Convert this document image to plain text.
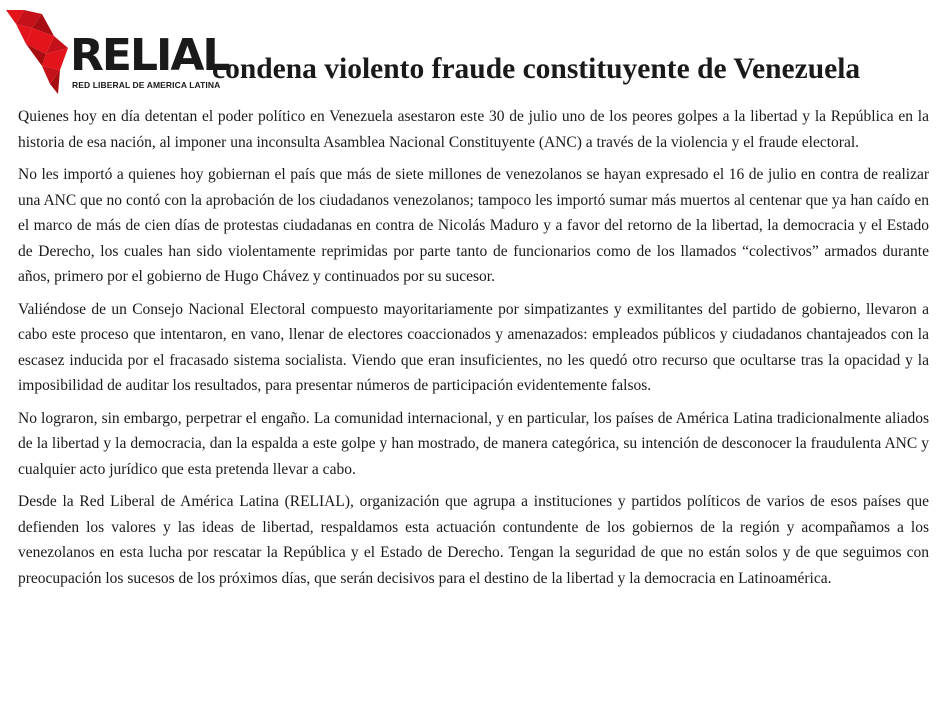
RELIAL
RED LIBERAL DE AMERICA LATINA
condena violento fraude constituyente de Venezuela

Quienes hoy en día detentan el poder político en Venezuela asestaron este 30 de julio uno de los peores golpes a la libertad y la República en la historia de esa nación, al imponer una inconsulta Asamblea Nacional Constituyente (ANC) a través de la violencia y el fraude electoral.

No les importó a quienes hoy gobiernan el país que más de siete millones de venezolanos se hayan expresado el 16 de julio en contra de realizar una ANC que no contó con la aprobación de los ciudadanos venezolanos; tampoco les importó sumar más muertos al centenar que ya han caído en el marco de más de cien días de protestas ciudadanas en contra de Nicolás Maduro y a favor del retorno de la libertad, la democracia y el Estado de Derecho, los cuales han sido violentamente reprimidas por parte tanto de funcionarios como de los llamados “colectivos” armados durante años, primero por el gobierno de Hugo Chávez y continuados por su sucesor.

Valiéndose de un Consejo Nacional Electoral compuesto mayoritariamente por simpatizantes y exmilitantes del partido de gobierno, llevaron a cabo este proceso que intentaron, en vano, llenar de electores coaccionados y amenazados: empleados públicos y ciudadanos chantajeados con la escasez inducida por el fracasado sistema socialista. Viendo que eran insuficientes, no les quedó otro recurso que ocultarse tras la opacidad y la imposibilidad de auditar los resultados, para presentar números de participación evidentemente falsos.

No lograron, sin embargo, perpetrar el engaño. La comunidad internacional, y en particular, los países de América Latina tradicionalmente aliados de la libertad y la democracia, dan la espalda a este golpe y han mostrado, de manera categórica, su intención de desconocer la fraudulenta ANC y cualquier acto jurídico que esta pretenda llevar a cabo.

Desde la Red Liberal de América Latina (RELIAL), organización que agrupa a instituciones y partidos políticos de varios de esos países que defienden los valores y las ideas de libertad, respaldamos esta actuación contundente de los gobiernos de la región y acompañamos a los venezolanos en esta lucha por rescatar la República y el Estado de Derecho. Tengan la seguridad de que no están solos y de que seguimos con preocupación los sucesos de los próximos días, que serán decisivos para el destino de la libertad y la democracia en Latinoamérica.
